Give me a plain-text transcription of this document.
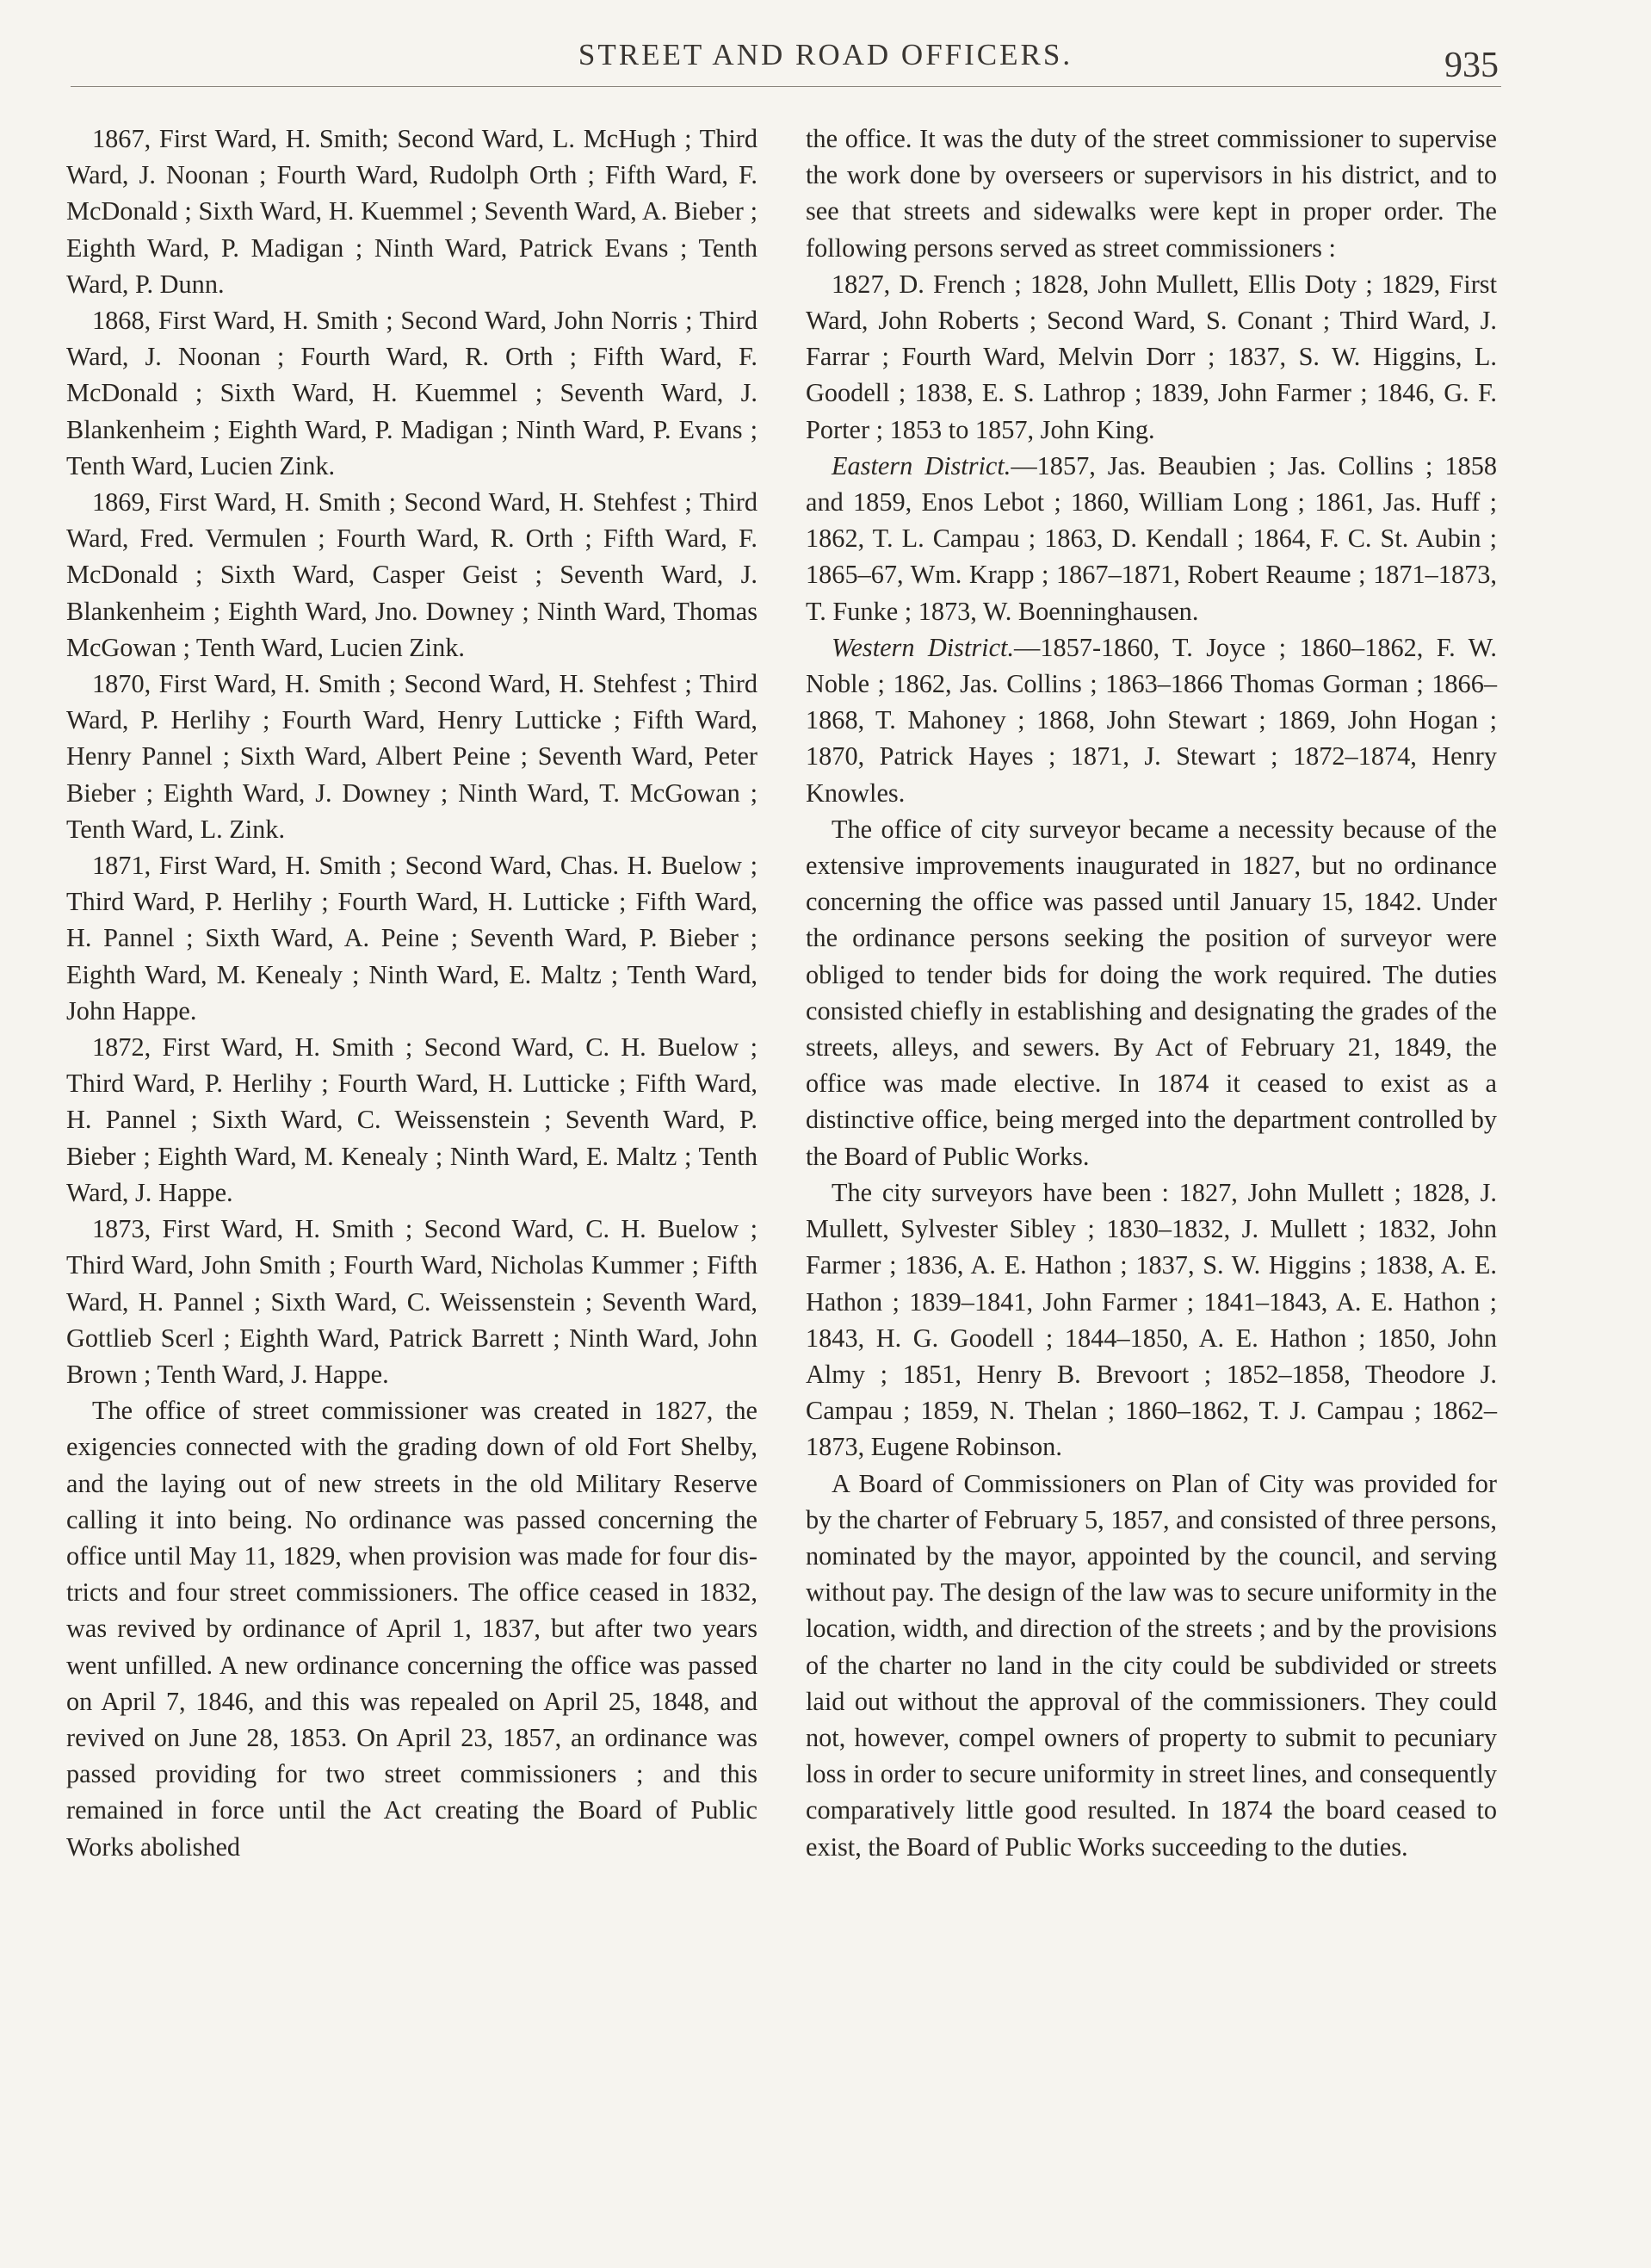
STREET AND ROAD OFFICERS.	935

1867, First Ward, H. Smith; Second Ward, L. McHugh ; Third Ward, J. Noonan ; Fourth Ward, Rudolph Orth ; Fifth Ward, F. McDonald ; Sixth Ward, H. Kuemmel ; Seventh Ward, A. Bieber ; Eighth Ward, P. Madigan ; Ninth Ward, Patrick Evans ; Tenth Ward, P. Dunn.

1868, First Ward, H. Smith ; Second Ward, John Norris ; Third Ward, J. Noonan ; Fourth Ward, R. Orth ; Fifth Ward, F. McDonald ; Sixth Ward, H. Kuemmel ; Seventh Ward, J. Blankenheim ; Eighth Ward, P. Madigan ; Ninth Ward, P. Evans ; Tenth Ward, Lucien Zink.

1869, First Ward, H. Smith ; Second Ward, H. Stehfest ; Third Ward, Fred. Vermulen ; Fourth Ward, R. Orth ; Fifth Ward, F. McDonald ; Sixth Ward, Casper Geist ; Seventh Ward, J. Blankenheim ; Eighth Ward, Jno. Downey ; Ninth Ward, Thomas McGowan ; Tenth Ward, Lucien Zink.

1870, First Ward, H. Smith ; Second Ward, H. Stehfest ; Third Ward, P. Herlihy ; Fourth Ward, Henry Lutticke ; Fifth Ward, Henry Pannel ; Sixth Ward, Albert Peine ; Seventh Ward, Peter Bieber ; Eighth Ward, J. Downey ; Ninth Ward, T. McGowan ; Tenth Ward, L. Zink.

1871, First Ward, H. Smith ; Second Ward, Chas. H. Buelow ; Third Ward, P. Herlihy ; Fourth Ward, H. Lutticke ; Fifth Ward, H. Pannel ; Sixth Ward, A. Peine ; Seventh Ward, P. Bieber ; Eighth Ward, M. Kenealy ; Ninth Ward, E. Maltz ; Tenth Ward, John Happe.

1872, First Ward, H. Smith ; Second Ward, C. H. Buelow ; Third Ward, P. Herlihy ; Fourth Ward, H. Lutticke ; Fifth Ward, H. Pannel ; Sixth Ward, C. Weissenstein ; Seventh Ward, P. Bieber ; Eighth Ward, M. Kenealy ; Ninth Ward, E. Maltz ; Tenth Ward, J. Happe.

1873, First Ward, H. Smith ; Second Ward, C. H. Buelow ; Third Ward, John Smith ; Fourth Ward, Nicholas Kummer ; Fifth Ward, H. Pannel ; Sixth Ward, C. Weissenstein ; Seventh Ward, Gottlieb Scerl ; Eighth Ward, Patrick Barrett ; Ninth Ward, John Brown ; Tenth Ward, J. Happe.

The office of street commissioner was created in 1827, the exigencies connected with the grading down of old Fort Shelby, and the laying out of new streets in the old Military Reserve calling it into being. No ordinance was passed concerning the office until May 11, 1829, when provision was made for four districts and four street commissioners. The office ceased in 1832, was revived by ordinance of April 1, 1837, but after two years went unfilled. A new ordinance concerning the office was passed on April 7, 1846, and this was repealed on April 25, 1848, and revived on June 28, 1853. On April 23, 1857, an ordinance was passed providing for two street commissioners ; and this remained in force until the Act creating the Board of Public Works abolished

the office. It was the duty of the street commissioner to supervise the work done by overseers or supervisors in his district, and to see that streets and sidewalks were kept in proper order. The following persons served as street commissioners :

1827, D. French ; 1828, John Mullett, Ellis Doty ; 1829, First Ward, John Roberts ; Second Ward, S. Conant ; Third Ward, J. Farrar ; Fourth Ward, Melvin Dorr ; 1837, S. W. Higgins, L. Goodell ; 1838, E. S. Lathrop ; 1839, John Farmer ; 1846, G. F. Porter ; 1853 to 1857, John King.

Eastern District.—1857, Jas. Beaubien ; Jas. Collins ; 1858 and 1859, Enos Lebot ; 1860, William Long ; 1861, Jas. Huff ; 1862, T. L. Campau ; 1863, D. Kendall ; 1864, F. C. St. Aubin ; 1865–67, Wm. Krapp ; 1867–1871, Robert Reaume ; 1871–1873, T. Funke ; 1873, W. Boenninghausen.

Western District.—1857-1860, T. Joyce ; 1860–1862, F. W. Noble ; 1862, Jas. Collins ; 1863–1866 Thomas Gorman ; 1866–1868, T. Mahoney ; 1868, John Stewart ; 1869, John Hogan ; 1870, Patrick Hayes ; 1871, J. Stewart ; 1872–1874, Henry Knowles.

The office of city surveyor became a necessity because of the extensive improvements inaugurated in 1827, but no ordinance concerning the office was passed until January 15, 1842. Under the ordinance persons seeking the position of surveyor were obliged to tender bids for doing the work required. The duties consisted chiefly in establishing and designating the grades of the streets, alleys, and sewers. By Act of February 21, 1849, the office was made elective. In 1874 it ceased to exist as a distinctive office, being merged into the department controlled by the Board of Public Works.

The city surveyors have been : 1827, John Mullett ; 1828, J. Mullett, Sylvester Sibley ; 1830–1832, J. Mullett ; 1832, John Farmer ; 1836, A. E. Hathon ; 1837, S. W. Higgins ; 1838, A. E. Hathon ; 1839–1841, John Farmer ; 1841–1843, A. E. Hathon ; 1843, H. G. Goodell ; 1844–1850, A. E. Hathon ; 1850, John Almy ; 1851, Henry B. Brevoort ; 1852–1858, Theodore J. Campau ; 1859, N. Thelan ; 1860–1862, T. J. Campau ; 1862–1873, Eugene Robinson.

A Board of Commissioners on Plan of City was provided for by the charter of February 5, 1857, and consisted of three persons, nominated by the mayor, appointed by the council, and serving without pay. The design of the law was to secure uniformity in the location, width, and direction of the streets ; and by the provisions of the charter no land in the city could be subdivided or streets laid out without the approval of the commissioners. They could not, however, compel owners of property to submit to pecuniary loss in order to secure uniformity in street lines, and consequently comparatively little good resulted. In 1874 the board ceased to exist, the Board of Public Works succeeding to the duties.
